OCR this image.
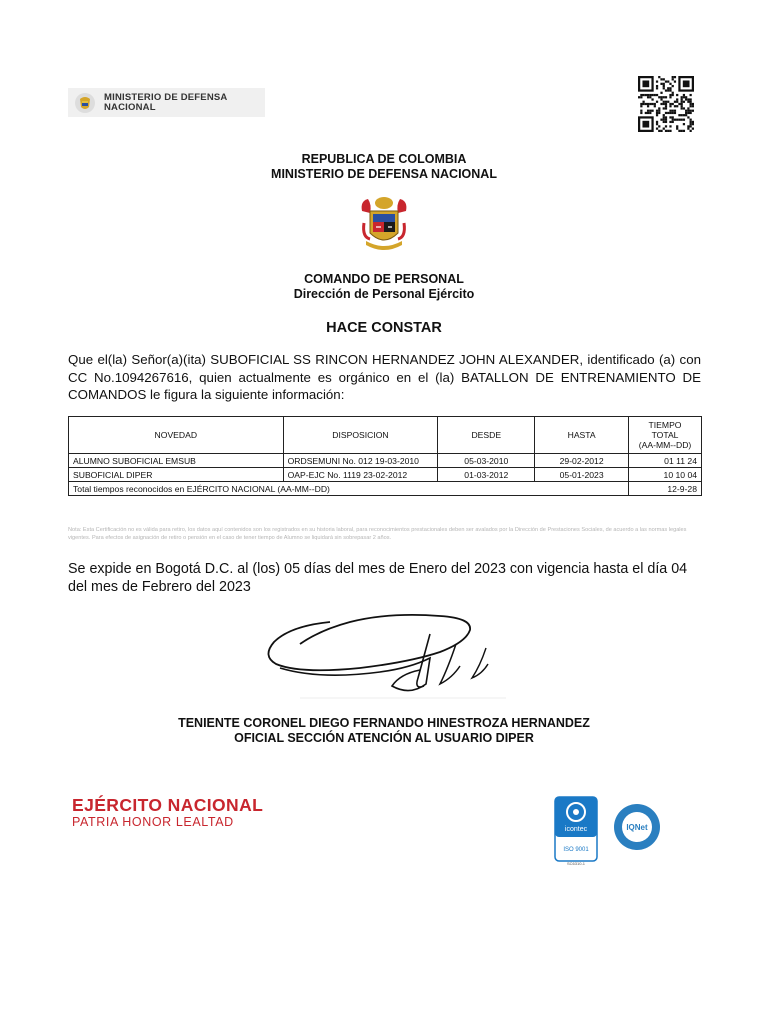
MINISTERIO DE DEFENSA
NACIONAL
REPUBLICA DE COLOMBIA
MINISTERIO DE DEFENSA NACIONAL
COMANDO DE PERSONAL
Dirección de Personal Ejército
HACE CONSTAR
Que el(la) Señor(a)(ita) SUBOFICIAL SS RINCON HERNANDEZ JOHN ALEXANDER, identificado (a) con CC No.1094267616, quien actualmente es orgánico en el (la) BATALLON DE ENTRENAMIENTO DE COMANDOS le figura la siguiente información:
NOVEDAD	DISPOSICION	DESDE	HASTA	TIEMPO
TOTAL
(AA-MM--DD)

ALUMNO SUBOFICIAL EMSUB	ORDSEMUNI No. 012 19-03-2010	05-03-2010	29-02-2012	01 11 24
SUBOFICIAL DIPER	OAP-EJC No. 1119 23-02-2012	01-03-2012	05-01-2023	10 10 04
Total tiempos reconocidos en EJÉRCITO NACIONAL (AA-MM--DD)				12-9-28
Nota: Esta Certificación no es válida para retiro, los datos aquí contenidos son los registrados en su historia laboral, para reconocimientos prestacionales deben ser avalados por la Dirección de Prestaciones Sociales, de acuerdo a las normas legales vigentes. Para efectos de asignación de retiro o pensión en el caso de tener tiempo de Alumno se liquidará sin sobrepasar 2 años.
Se expide en Bogotá D.C. al (los) 05 días del mes de Enero del 2023 con vigencia hasta el día 04 del mes de Febrero del 2023
TENIENTE CORONEL DIEGO FERNANDO HINESTROZA HERNANDEZ
OFICIAL SECCIÓN ATENCIÓN AL USUARIO DIPER
EJÉRCITO NACIONAL
PATRIA HONOR LEALTAD
icontec
ISO 9001
SC6310-1
IQNet
